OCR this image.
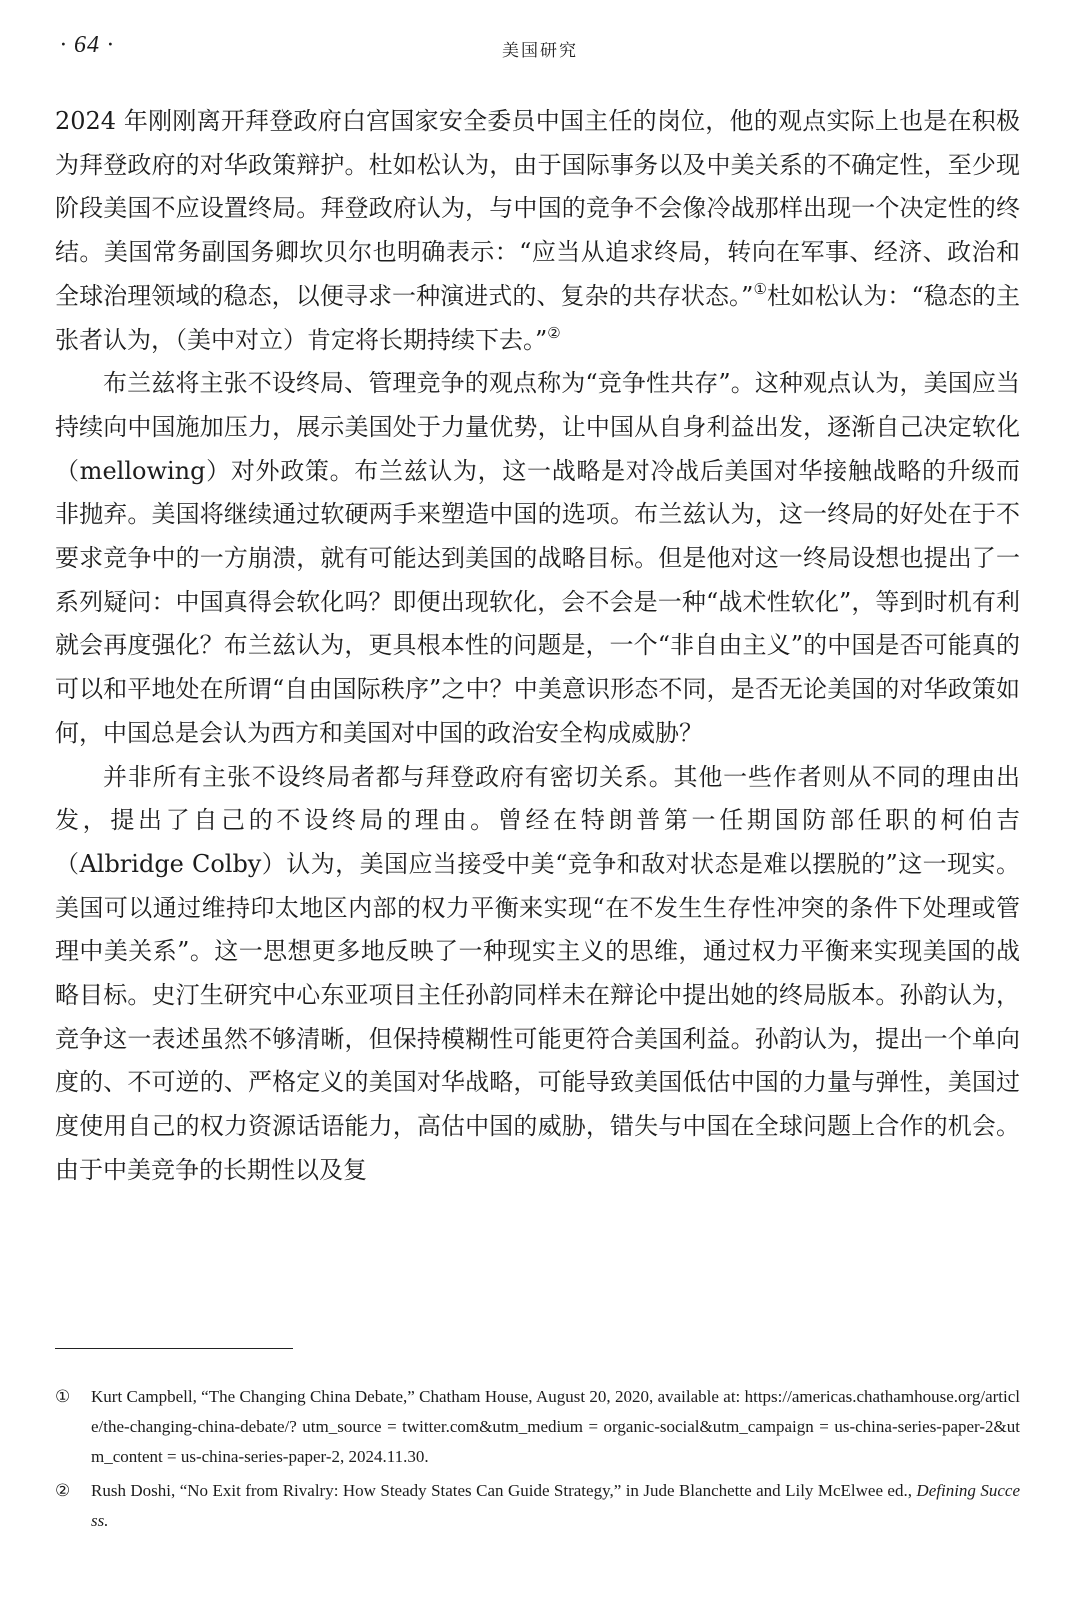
· 64 ·	美国研究

2024 年刚刚离开拜登政府白宫国家安全委员中国主任的岗位，他的观点实际上也是在积极为拜登政府的对华政策辩护。杜如松认为，由于国际事务以及中美关系的不确定性，至少现阶段美国不应设置终局。拜登政府认为，与中国的竞争不会像冷战那样出现一个决定性的终结。美国常务副国务卿坎贝尔也明确表示：“应当从追求终局，转向在军事、经济、政治和全球治理领域的稳态，以便寻求一种演进式的、复杂的共存状态。”①杜如松认为：“稳态的主张者认为，（美中对立）肯定将长期持续下去。”②

布兰兹将主张不设终局、管理竞争的观点称为“竞争性共存”。这种观点认为，美国应当持续向中国施加压力，展示美国处于力量优势，让中国从自身利益出发，逐渐自己决定软化（mellowing）对外政策。布兰兹认为，这一战略是对冷战后美国对华接触战略的升级而非抛弃。美国将继续通过软硬两手来塑造中国的选项。布兰兹认为，这一终局的好处在于不要求竞争中的一方崩溃，就有可能达到美国的战略目标。但是他对这一终局设想也提出了一系列疑问：中国真得会软化吗？即便出现软化，会不会是一种“战术性软化”，等到时机有利就会再度强化？布兰兹认为，更具根本性的问题是，一个“非自由主义”的中国是否可能真的可以和平地处在所谓“自由国际秩序”之中？中美意识形态不同，是否无论美国的对华政策如何，中国总是会认为西方和美国对中国的政治安全构成威胁？

并非所有主张不设终局者都与拜登政府有密切关系。其他一些作者则从不同的理由出发，提出了自己的不设终局的理由。曾经在特朗普第一任期国防部任职的柯伯吉（Albridge Colby）认为，美国应当接受中美“竞争和敌对状态是难以摆脱的”这一现实。美国可以通过维持印太地区内部的权力平衡来实现“在不发生生存性冲突的条件下处理或管理中美关系”。这一思想更多地反映了一种现实主义的思维，通过权力平衡来实现美国的战略目标。史汀生研究中心东亚项目主任孙韵同样未在辩论中提出她的终局版本。孙韵认为，竞争这一表述虽然不够清晰，但保持模糊性可能更符合美国利益。孙韵认为，提出一个单向度的、不可逆的、严格定义的美国对华战略，可能导致美国低估中国的力量与弹性，美国过度使用自己的权力资源话语能力，高估中国的威胁，错失与中国在全球问题上合作的机会。由于中美竞争的长期性以及复

① Kurt Campbell, “The Changing China Debate,” Chatham House, August 20, 2020, available at: https://americas.chathamhouse.org/article/the-changing-china-debate/? utm_source = twitter.com&utm_medium = organic-social&utm_campaign = us-china-series-paper-2&utm_content = us-china-series-paper-2, 2024.11.30.
② Rush Doshi, “No Exit from Rivalry: How Steady States Can Guide Strategy,” in Jude Blanchette and Lily McElwee ed., Defining Success.
